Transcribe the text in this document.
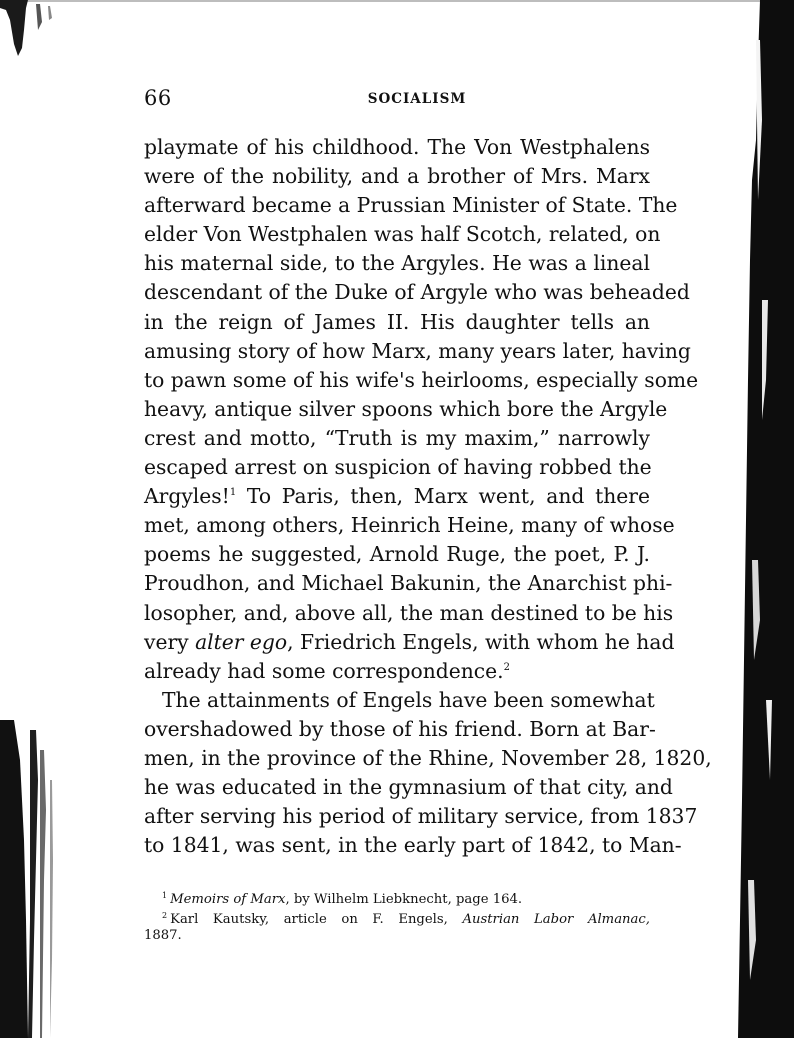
66	SOCIALISM
playmate of his childhood. The Von Westphalens
were of the nobility, and a brother of Mrs. Marx
afterward became a Prussian Minister of State. The
elder Von Westphalen was half Scotch, related, on
his maternal side, to the Argyles. He was a lineal
descendant of the Duke of Argyle who was beheaded
in the reign of James II. His daughter tells an
amusing story of how Marx, many years later, having
to pawn some of his wife's heirlooms, especially some
heavy, antique silver spoons which bore the Argyle
crest and motto, “Truth is my maxim,” narrowly
escaped arrest on suspicion of having robbed the
Argyles!$^1$ To Paris, then, Marx went, and there
met, among others, Heinrich Heine, many of whose
poems he suggested, Arnold Ruge, the poet, P. J.
Proudhon, and Michael Bakunin, the Anarchist phi-
losopher, and, above all, the man destined to be his
very alter ego, Friedrich Engels, with whom he had
already had some correspondence.$^2$
The attainments of Engels have been somewhat
overshadowed by those of his friend. Born at Bar-
men, in the province of the Rhine, November 28, 1820,
he was educated in the gymnasium of that city, and
after serving his period of military service, from 1837
to 1841, was sent, in the early part of 1842, to Man-
$^1$ Memoirs of Marx, by Wilhelm Liebknecht, page 164.
$^2$ Karl Kautsky, article on F. Engels, Austrian Labor Almanac,
1887.
